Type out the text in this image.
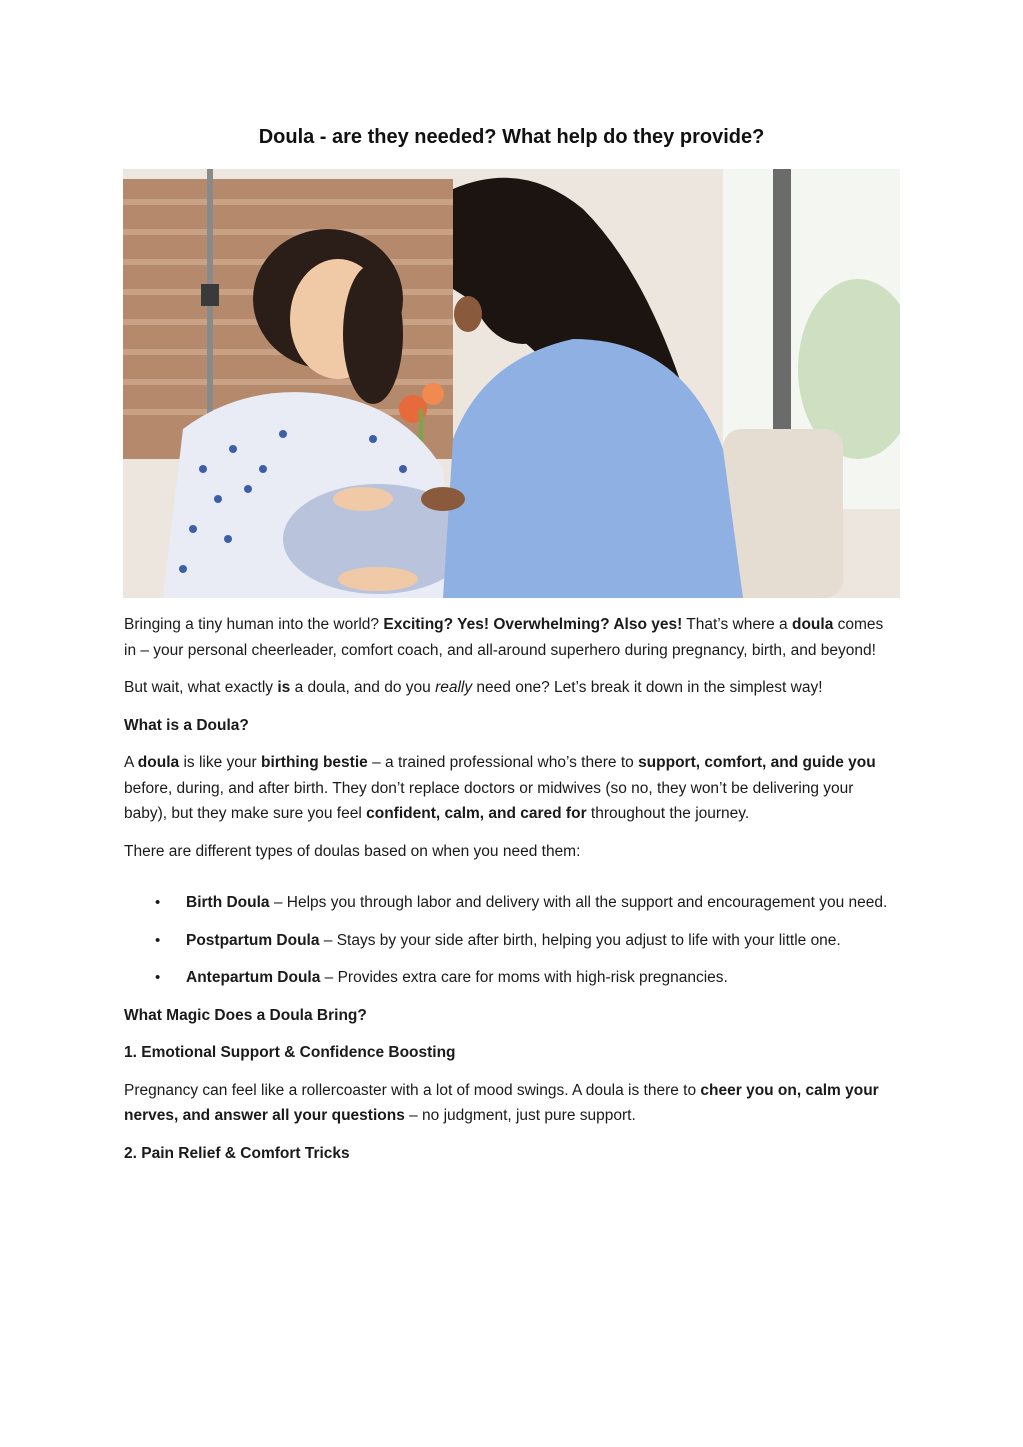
Doula - are they needed? What help do they provide?

Bringing a tiny human into the world? Exciting? Yes! Overwhelming? Also yes! That’s where a doula comes in – your personal cheerleader, comfort coach, and all-around superhero during pregnancy, birth, and beyond!

But wait, what exactly is a doula, and do you really need one? Let’s break it down in the simplest way!

What is a Doula?

A doula is like your birthing bestie – a trained professional who’s there to support, comfort, and guide you before, during, and after birth. They don’t replace doctors or midwives (so no, they won’t be delivering your baby), but they make sure you feel confident, calm, and cared for throughout the journey.

There are different types of doulas based on when you need them:

• Birth Doula – Helps you through labor and delivery with all the support and encouragement you need.
• Postpartum Doula – Stays by your side after birth, helping you adjust to life with your little one.
• Antepartum Doula – Provides extra care for moms with high-risk pregnancies.

What Magic Does a Doula Bring?

1. Emotional Support & Confidence Boosting

Pregnancy can feel like a rollercoaster with a lot of mood swings. A doula is there to cheer you on, calm your nerves, and answer all your questions – no judgment, just pure support.

2. Pain Relief & Comfort Tricks
